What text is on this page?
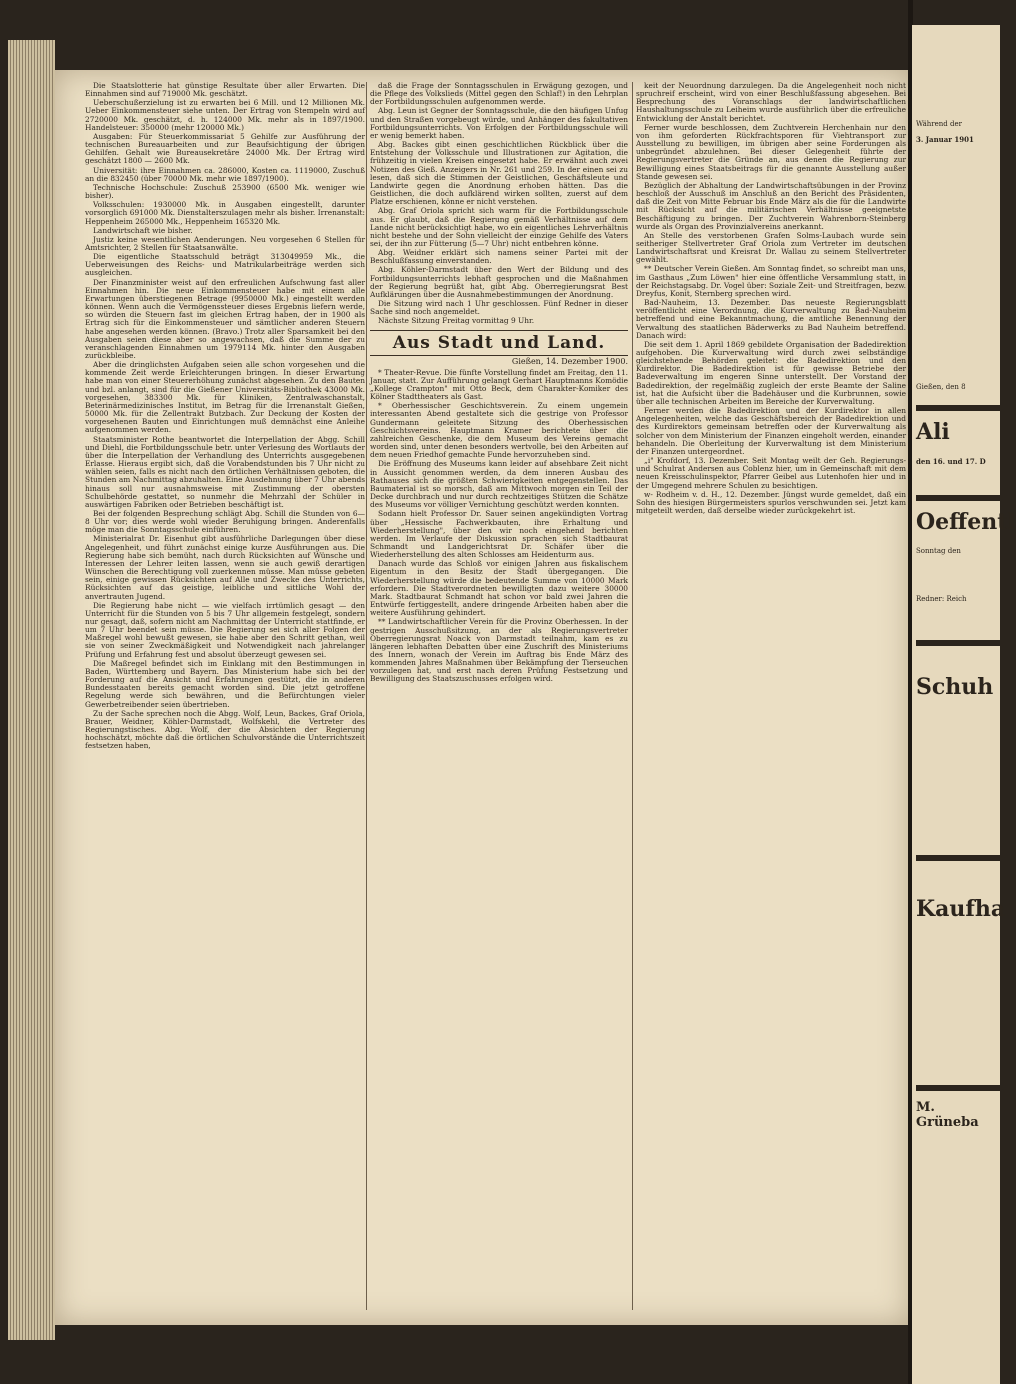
Die Staatslotterie hat günstige Resultate über aller Erwarten. Die Einnahmen sind auf 719000 Mk. geschätzt.

Ueberschußerzielung ist zu erwarten bei 6 Mill. und 12 Millionen Mk. Ueber Einkommensteuer siehe unten. Der Ertrag von Stempeln wird auf 2720000 Mk. geschätzt, d. h. 124000 Mk. mehr als in 1897/1900. Handelsteuer: 350000 (mehr 120000 Mk.)

Ausgaben: Für Steuerkommissariat 5 Gehilfe zur Ausführung der technischen Bureauarbeiten und zur Beaufsichtigung der übrigen Gehilfen. Gehalt wie Bureausekretäre 24000 Mk. Der Ertrag wird geschätzt 1800 — 2600 Mk.

Universität: ihre Einnahmen ca. 286000, Kosten ca. 1119000, Zuschuß an die 832450 (über 70000 Mk. mehr wie 1897/1900).

Technische Hochschule: Zuschuß 253900 (6500 Mk. weniger wie bisher).

Volksschulen: 1930000 Mk. in Ausgaben eingestellt, darunter vorsorglich 691000 Mk. Dienstalterszulagen mehr als bisher. Irrenanstalt: Heppenheim 265000 Mk., Heppenheim 165320 Mk.

Landwirtschaft wie bisher.

Justiz keine wesentlichen Aenderungen. Neu vorgesehen 6 Stellen für Amtsrichter, 2 Stellen für Staatsanwälte.

Die eigentliche Staatsschuld beträgt 313049959 Mk., die Ueberweisungen des Reichs- und Matrikularbeiträge werden sich ausgleichen.

Der Finanzminister weist auf den erfreulichen Aufschwung fast aller Einnahmen hin. Die neue Einkommensteuer habe mit einem alle Erwartungen überstiegenen Betrage (9950000 Mk.) eingestellt werden können. Wenn auch die Vermögenssteuer dieses Ergebnis liefern werde, so würden die Steuern fast im gleichen Ertrag haben, der in 1900 als Ertrag sich für die Einkommensteuer und sämtlicher anderen Steuern habe angesehen werden können. (Bravo.) Trotz aller Sparsamkeit bei den Ausgaben seien diese aber so angewachsen, daß die Summe der zu veranschlagenden Einnahmen um 1979114 Mk. hinter den Ausgaben zurückbleibe.

Aber die dringlichsten Aufgaben seien alle schon vorgesehen und die kommende Zeit werde Erleichterungen bringen. In dieser Erwartung habe man von einer Steuererhöhung zunächst abgesehen. Zu den Bauten und bzl. anlangt, sind für die Gießener Universitäts-Bibliothek 43000 Mk. vorgesehen, 383300 Mk. für Kliniken, Zentralwaschanstalt, Beterinärmedizinisches Institut, im Betrag für die Irrenanstalt Gießen, 50000 Mk. für die Zellentrakt Butzbach. Zur Deckung der Kosten der vorgesehenen Bauten und Einrichtungen muß demnächst eine Anleihe aufgenommen werden.

Staatsminister Rothe beantwortet die Interpellation der Abgg. Schill und Diehl, die Fortbildungsschule betr. unter Verlesung des Wortlauts der über die Interpellation der Verhandlung des Unterrichts ausgegebenen Erlasse. Hieraus ergibt sich, daß die Vorabendstunden bis 7 Uhr nicht zu wählen seien, falls es nicht nach den örtlichen Verhältnissen geboten, die Stunden am Nachmittag abzuhalten. Eine Ausdehnung über 7 Uhr abends hinaus soll nur ausnahmsweise mit Zustimmung der obersten Schulbehörde gestattet, so nunmehr die Mehrzahl der Schüler in auswärtigen Fabriken oder Betrieben beschäftigt ist.

Bei der folgenden Besprechung schlägt Abg. Schill die Stunden von 6—8 Uhr vor; dies werde wohl wieder Beruhigung bringen. Anderenfalls möge man die Sonntagsschule einführen.

Ministerialrat Dr. Eisenhut gibt ausführliche Darlegungen über diese Angelegenheit, und führt zunächst einige kurze Ausführungen aus. Die Regierung habe sich bemüht, nach durch Rücksichten auf Wünsche und Interessen der Lehrer leiten lassen, wenn sie auch gewiß derartigen Wünschen die Berechtigung voll zuerkennen müsse. Man müsse gebeten sein, einige gewissen Rücksichten auf Alle und Zwecke des Unterrichts, Rücksichten auf das geistige, leibliche und sittliche Wohl der anvertrauten Jugend.

Die Regierung habe nicht — wie vielfach irrtümlich gesagt — den Unterricht für die Stunden von 5 bis 7 Uhr allgemein festgelegt, sondern nur gesagt, daß, sofern nicht am Nachmittag der Unterricht stattfinde, er um 7 Uhr beendet sein müsse. Die Regierung sei sich aller Folgen der Maßregel wohl bewußt gewesen, sie habe aber den Schritt gethan, weil sie von seiner Zweckmäßigkeit und Notwendigkeit nach jahrelanger Prüfung und Erfahrung fest und absolut überzeugt gewesen sei.

Die Maßregel befindet sich im Einklang mit den Bestimmungen in Baden, Württemberg und Bayern. Das Ministerium habe sich bei der Forderung auf die Ansicht und Erfahrungen gestützt, die in anderen Bundesstaaten bereits gemacht worden sind. Die jetzt getroffene Regelung werde sich bewähren, und die Befürchtungen vieler Gewerbetreibender seien übertrieben.

Zu der Sache sprechen noch die Abgg. Wolf, Leun, Backes, Graf Oriola, Brauer, Weidner, Köhler-Darmstadt, Wolfskehl, die Vertreter des Regierungstisches. Abg. Wolf, der die Absichten der Regierung hochschätzt, möchte daß die örtlichen Schulvorstände die Unterrichtszeit festsetzen haben,

daß die Frage der Sonntagsschulen in Erwägung gezogen, und die Pflege des Volkslieds (Mittel gegen den Schlaf!) in den Lehrplan der Fortbildungsschulen aufgenommen werde.

Abg. Leun ist Gegner der Sonntagsschule, die den häufigen Unfug und den Straßen vorgebeugt würde, und Anhänger des fakultativen Fortbildungsunterrichts. Von Erfolgen der Fortbildungsschule will er wenig bemerkt haben.

Abg. Backes gibt einen geschichtlichen Rückblick über die Entstehung der Volksschule und Illustrationen zur Agitation, die frühzeitig in vielen Kreisen eingesetzt habe. Er erwähnt auch zwei Notizen des Gieß. Anzeigers in Nr. 261 und 259. In der einen sei zu lesen, daß sich die Stimmen der Geistlichen, Geschäftsleute und Landwirte gegen die Anordnung erhoben hätten. Das die Geistlichen, die doch aufklärend wirken sollten, zuerst auf dem Platze erschienen, könne er nicht verstehen.

Abg. Graf Oriola spricht sich warm für die Fortbildungsschule aus. Er glaubt, daß die Regierung gemäß Verhältnisse auf dem Lande nicht berücksichtigt habe, wo ein eigentliches Lehrverhältnis nicht bestehe und der Sohn vielleicht der einzige Gehilfe des Vaters sei, der ihn zur Fütterung (5—7 Uhr) nicht entbehren könne.

Abg. Weidner erklärt sich namens seiner Partei mit der Beschlußfassung einverstanden.

Abg. Köhler-Darmstadt über den Wert der Bildung und des Fortbildungsunterrichts lebhaft gesprochen und die Maßnahmen der Regierung begrüßt hat, gibt Abg. Oberregierungsrat Best Aufklärungen über die Ausnahmebestimmungen der Anordnung.

Die Sitzung wird nach 1 Uhr geschlossen. Fünf Redner in dieser Sache sind noch angemeldet.

Nächste Sitzung Freitag vormittag 9 Uhr.

Aus Stadt und Land.
Gießen, 14. Dezember 1900.

* Theater-Revue. Die fünfte Vorstellung findet am Freitag, den 11. Januar, statt. Zur Aufführung gelangt Gerhart Hauptmanns Komödie „Kollege Crampton" mit Otto Beck, dem Charakter-Komiker des Kölner Stadttheaters als Gast.

* Oberhessischer Geschichtsverein. Zu einem ungemein interessanten Abend gestaltete sich die gestrige von Professor Gundermann geleitete Sitzung des Oberhessischen Geschichtsvereins. Hauptmann Kramer berichtete über die zahlreichen Geschenke, die dem Museum des Vereins gemacht worden sind, unter denen besonders wertvolle, bei den Arbeiten auf dem neuen Friedhof gemachte Funde hervorzuheben sind.

Die Eröffnung des Museums kann leider auf absehbare Zeit nicht in Aussicht genommen werden, da dem inneren Ausbau des Rathauses sich die größten Schwierigkeiten entgegenstellen. Das Baumaterial ist so morsch, daß am Mittwoch morgen ein Teil der Decke durchbrach und nur durch rechtzeitiges Stützen die Schätze des Museums vor völliger Vernichtung geschützt werden konnten.

Sodann hielt Professor Dr. Sauer seinen angekündigten Vortrag über „Hessische Fachwerkbauten, ihre Erhaltung und Wiederherstellung", über den wir noch eingehend berichten werden. Im Verlaufe der Diskussion sprachen sich Stadtbaurat Schmandt und Landgerichtsrat Dr. Schäfer über die Wiederherstellung des alten Schlosses am Heidenturm aus.

Danach wurde das Schloß vor einigen Jahren aus fiskalischem Eigentum in den Besitz der Stadt übergegangen. Die Wiederherstellung würde die bedeutende Summe von 10000 Mark erfordern. Die Stadtverordneten bewilligten dazu weitere 30000 Mark. Stadtbaurat Schmandt hat schon vor bald zwei Jahren die Entwürfe fertiggestellt, andere dringende Arbeiten haben aber die weitere Ausführung gehindert.

** Landwirtschaftlicher Verein für die Provinz Oberhessen. In der gestrigen Ausschußsitzung, an der als Regierungsvertreter Oberregierungsrat Noack von Darmstadt teilnahm, kam es zu längeren lebhaften Debatten über eine Zuschrift des Ministeriums des Innern, wonach der Verein im Auftrag bis Ende März des kommenden Jahres Maßnahmen über Bekämpfung der Tierseuchen vorzulegen hat, und erst nach deren Prüfung Festsetzung und Bewilligung des Staatszuschusses erfolgen wird.

keit der Neuordnung darzulegen. Da die Angelegenheit noch nicht spruchreif erscheint, wird von einer Beschlußfassung abgesehen. Bei Besprechung des Voranschlags der landwirtschaftlichen Haushaltungsschule zu Leiheim wurde ausführlich über die erfreuliche Entwicklung der Anstalt berichtet.

Ferner wurde beschlossen, dem Zuchtverein Herchenhain nur den von ihm geforderten Rückfrachtsporen für Viehtransport zur Ausstellung zu bewilligen, im übrigen aber seine Forderungen als unbegründet abzulehnen. Bei dieser Gelegenheit führte der Regierungsvertreter die Gründe an, aus denen die Regierung zur Bewilligung eines Staatsbeitrags für die genannte Ausstellung außer Stande gewesen sei.

Bezüglich der Abhaltung der Landwirtschaftsübungen in der Provinz beschloß der Ausschuß im Anschluß an den Bericht des Präsidenten, daß die Zeit von Mitte Februar bis Ende März als die für die Landwirte mit Rücksicht auf die militärischen Verhältnisse geeignetste Beschäftigung zu bringen. Der Zuchtverein Wahrenborn-Steinberg wurde als Organ des Provinzialvereins anerkannt.

An Stelle des verstorbenen Grafen Solms-Laubach wurde sein seitheriger Stellvertreter Graf Oriola zum Vertreter im deutschen Landwirtschaftsrat und Kreisrat Dr. Wallau zu seinem Stellvertreter gewählt.

** Deutscher Verein Gießen. Am Sonntag findet, so schreibt man uns, im Gasthaus „Zum Löwen" hier eine öffentliche Versammlung statt, in der Reichstagsabg. Dr. Vogel über: Soziale Zeit- und Streitfragen, bezw. Dreyfus, Konit, Sternberg sprechen wird.

Bad-Nauheim, 13. Dezember. Das neueste Regierungsblatt veröffentlicht eine Verordnung, die Kurverwaltung zu Bad-Nauheim betreffend und eine Bekanntmachung, die amtliche Benennung der Verwaltung des staatlichen Bäderwerks zu Bad Nauheim betreffend. Danach wird:

Die seit dem 1. April 1869 gebildete Organisation der Badedirektion aufgehoben. Die Kurverwaltung wird durch zwei selbständige gleichstehende Behörden geleitet: die Badedirektion und den Kurdirektor. Die Badedirektion ist für gewisse Betriebe der Badeverwaltung im engeren Sinne unterstellt. Der Vorstand der Badedirektion, der regelmäßig zugleich der erste Beamte der Saline ist, hat die Aufsicht über die Badehäuser und die Kurbrunnen, sowie über alle technischen Arbeiten im Bereiche der Kurverwaltung.

Ferner werden die Badedirektion und der Kurdirektor in allen Angelegenheiten, welche das Geschäftsbereich der Badedirektion und des Kurdirektors gemeinsam betreffen oder der Kurverwaltung als solcher von dem Ministerium der Finanzen eingeholt werden, einander behandeln. Die Oberleitung der Kurverwaltung ist dem Ministerium der Finanzen untergeordnet.

„i" Krofdorf, 13. Dezember. Seit Montag weilt der Geh. Regierungs- und Schulrat Andersen aus Coblenz hier, um in Gemeinschaft mit dem neuen Kreisschulinspektor, Pfarrer Geibel aus Lutenhofen hier und in der Umgegend mehrere Schulen zu besichtigen.

w- Rodheim v. d. H., 12. Dezember. Jüngst wurde gemeldet, daß ein Sohn des hiesigen Bürgermeisters spurlos verschwunden sei. Jetzt kam mitgeteilt werden, daß derselbe wieder zurückgekehrt ist.

Während der
3. Januar 1901
Gießen, den 8
Ali
den 16. und 17. D
Oeffentl
Sonntag den
Redner: Reich
Schuh
Kaufha
M. Grüneba
